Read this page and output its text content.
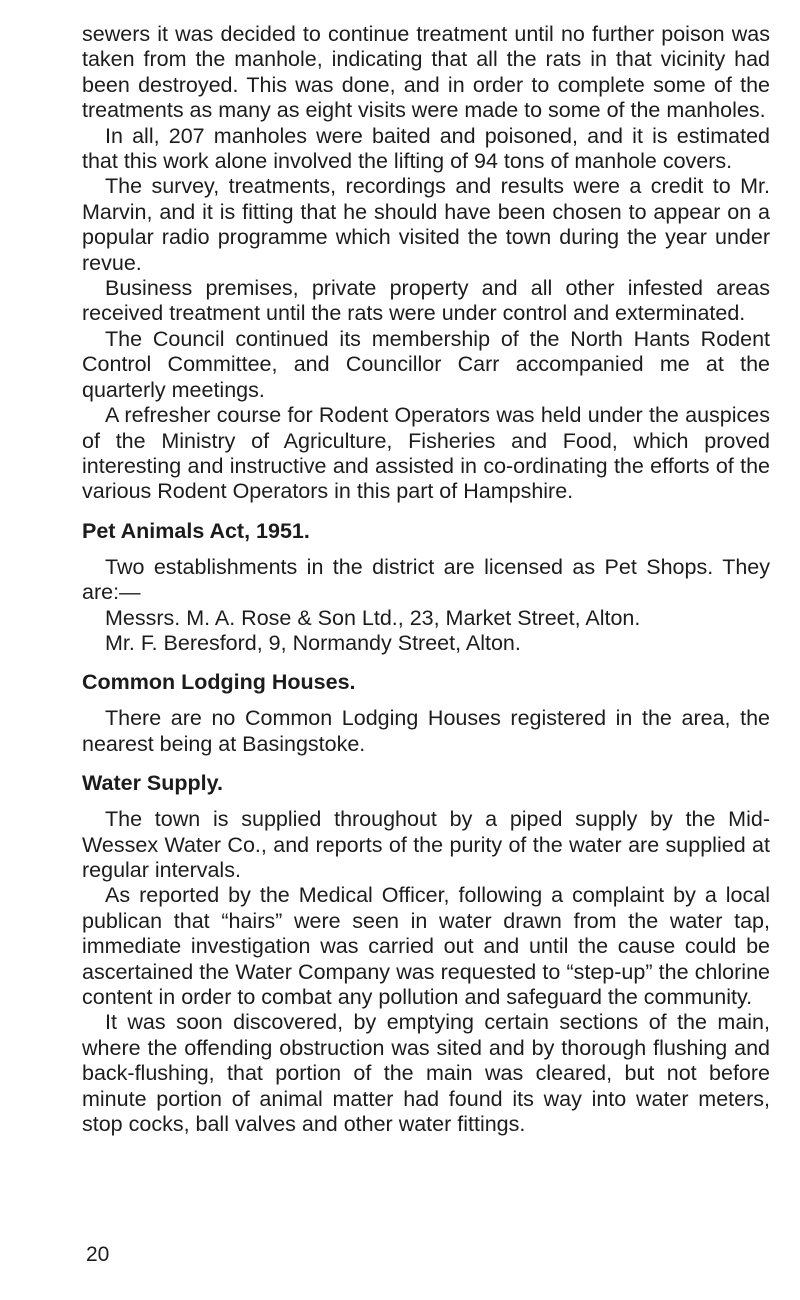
sewers it was decided to continue treatment until no further poison was taken from the manhole, indicating that all the rats in that vicinity had been destroyed. This was done, and in order to complete some of the treatments as many as eight visits were made to some of the manholes.

In all, 207 manholes were baited and poisoned, and it is estimated that this work alone involved the lifting of 94 tons of manhole covers.

The survey, treatments, recordings and results were a credit to Mr. Marvin, and it is fitting that he should have been chosen to appear on a popular radio programme which visited the town during the year under revue.

Business premises, private property and all other infested areas received treatment until the rats were under control and exterminated.

The Council continued its membership of the North Hants Rodent Control Committee, and Councillor Carr accompanied me at the quarterly meetings.

A refresher course for Rodent Operators was held under the auspices of the Ministry of Agriculture, Fisheries and Food, which proved interesting and instructive and assisted in co-ordinating the efforts of the various Rodent Operators in this part of Hampshire.

Pet Animals Act, 1951.

Two establishments in the district are licensed as Pet Shops. They are:—

Messrs. M. A. Rose & Son Ltd., 23, Market Street, Alton.

Mr. F. Beresford, 9, Normandy Street, Alton.

Common Lodging Houses.

There are no Common Lodging Houses registered in the area, the nearest being at Basingstoke.

Water Supply.

The town is supplied throughout by a piped supply by the Mid-Wessex Water Co., and reports of the purity of the water are supplied at regular intervals.

As reported by the Medical Officer, following a complaint by a local publican that “hairs” were seen in water drawn from the water tap, immediate investigation was carried out and until the cause could be ascertained the Water Company was requested to “step-up” the chlorine content in order to combat any pollution and safeguard the community.

It was soon discovered, by emptying certain sections of the main, where the offending obstruction was sited and by thorough flushing and back-flushing, that portion of the main was cleared, but not before minute portion of animal matter had found its way into water meters, stop cocks, ball valves and other water fittings.

20
